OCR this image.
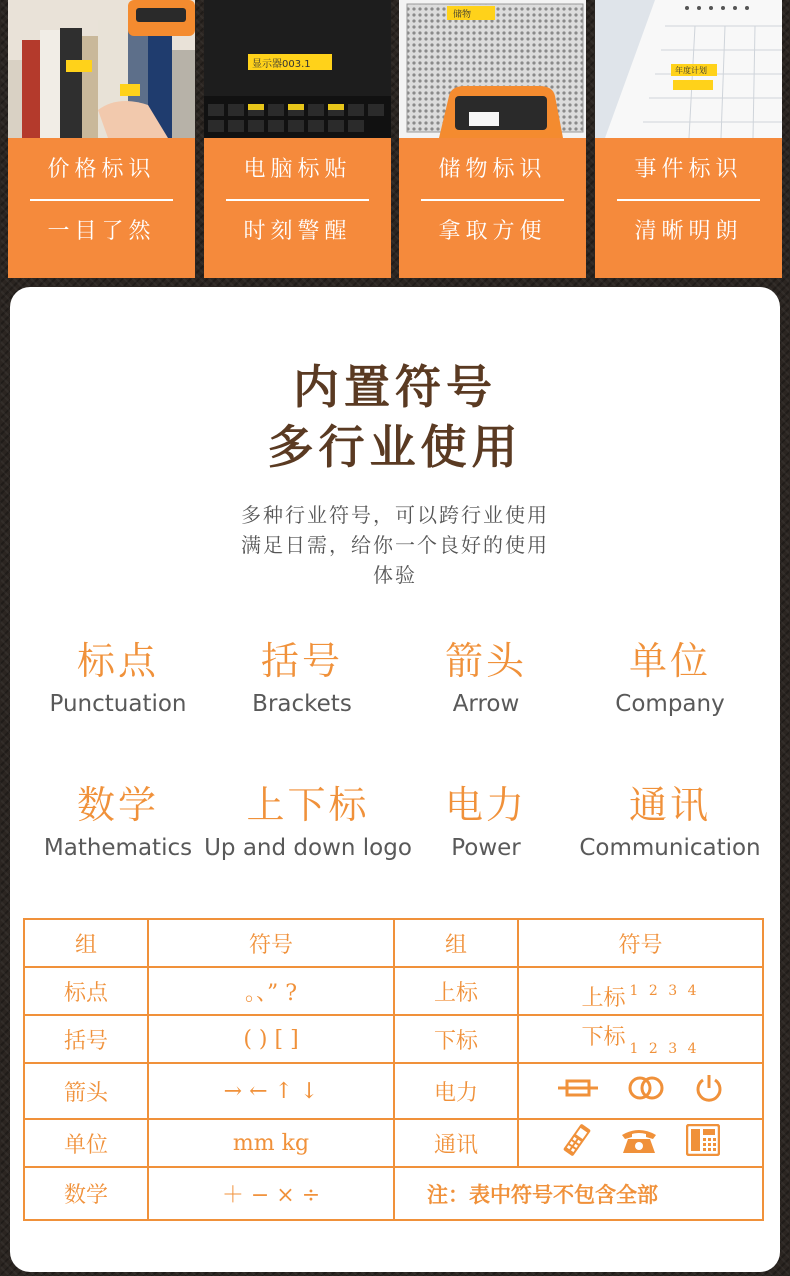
价格标识
一目了然
显示器003.1
电脑标贴
时刻警醒
储物
储物标识
拿取方便
年度计划
事件标识
清晰明朗
内置符号
多行业使用
多种行业符号，可以跨行业使用
满足日需，给你一个良好的使用
体验
标点
Punctuation
括号
Brackets
箭头
Arrow
单位
Company
数学
Mathematics
上下标
Up and down logo
电力
Power
通讯
Communication
组	符号	组	符号
标点	。、” ?	上标	上标 $^{1 2 3 4}$
括号	( ) [ ]	下标	下标 $_{1 2 3 4}$
箭头	→ ← ↑ ↓	电力
单位	mm kg	通讯
数学	＋ − × ÷	注：表中符号不包含全部
